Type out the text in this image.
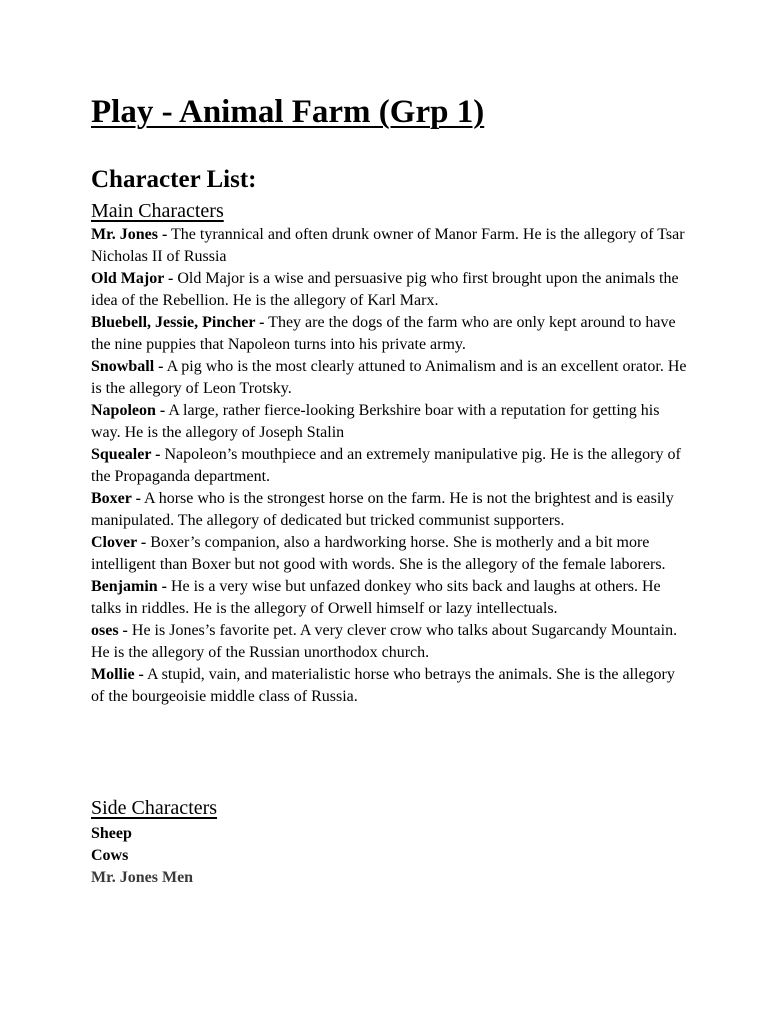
Play - Animal Farm (Grp 1)
Character List:
Main Characters
Mr. Jones - The tyrannical and often drunk owner of Manor Farm. He is the allegory of Tsar Nicholas II of Russia
Old Major - Old Major is a wise and persuasive pig who first brought upon the animals the idea of the Rebellion. He is the allegory of Karl Marx.
Bluebell, Jessie, Pincher - They are the dogs of the farm who are only kept around to have the nine puppies that Napoleon turns into his private army.
Snowball - A pig who is the most clearly attuned to Animalism and is an excellent orator. He is the allegory of Leon Trotsky.
Napoleon - A large, rather fierce-looking Berkshire boar with a reputation for getting his way. He is the allegory of Joseph Stalin
Squealer - Napoleon’s mouthpiece and an extremely manipulative pig. He is the allegory of the Propaganda department.
Boxer - A horse who is the strongest horse on the farm. He is not the brightest and is easily manipulated. The allegory of dedicated but tricked communist supporters.
Clover - Boxer’s companion, also a hardworking horse. She is motherly and a bit more intelligent than Boxer but not good with words. She is the allegory of the female laborers.
Benjamin - He is a very wise but unfazed donkey who sits back and laughs at others. He talks in riddles. He is the allegory of Orwell himself or lazy intellectuals.
oses - He is Jones’s favorite pet. A very clever crow who talks about Sugarcandy Mountain. He is the allegory of the Russian unorthodox church.
Mollie - A stupid, vain, and materialistic horse who betrays the animals. She is the allegory of the bourgeoisie middle class of Russia.
Side Characters
Sheep
Cows
Mr. Jones Men
